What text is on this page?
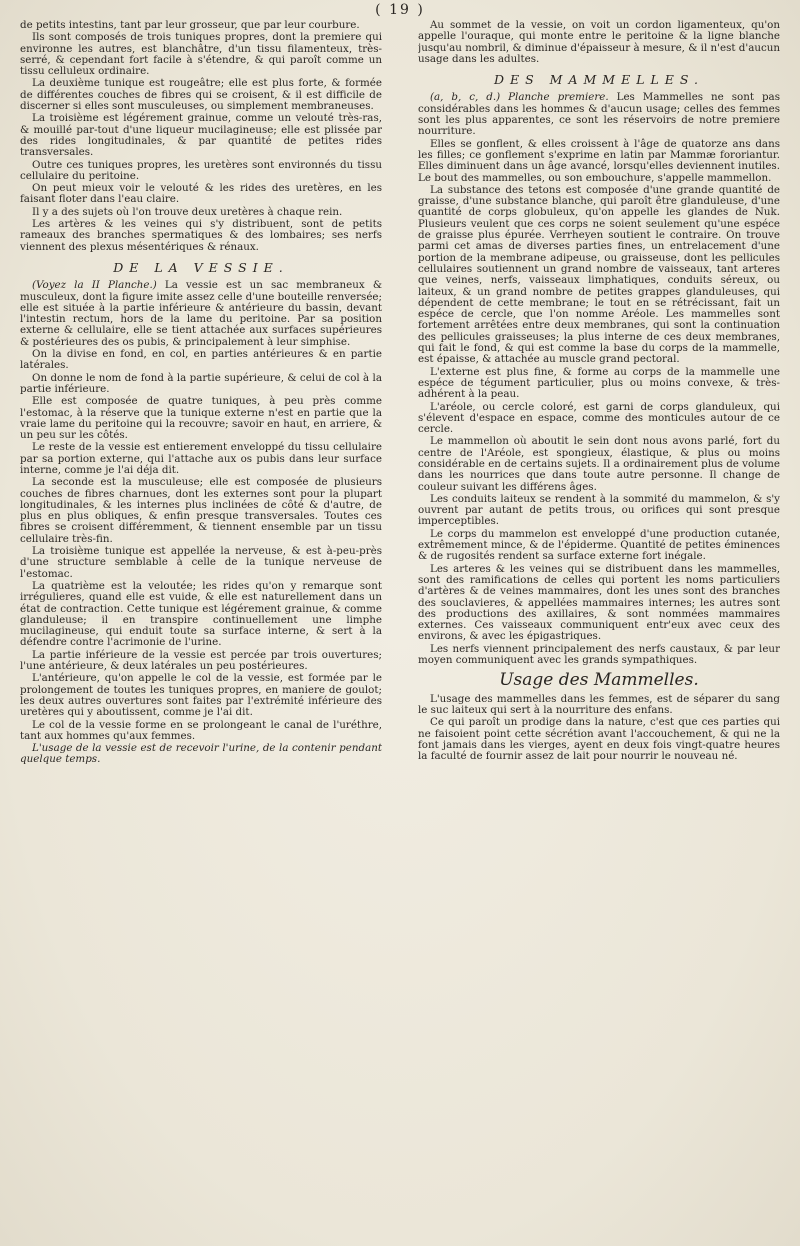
( 19 )

de petits intestins, tant par leur grosseur, que par leur courbure.

Ils sont composés de trois tuniques propres, dont la premiere qui environne les autres, est blanchâtre, d'un tissu filamenteux, très-serré, & cependant fort facile à s'étendre, & qui paroît comme un tissu celluleux ordinaire.

La deuxième tunique est rougeâtre; elle est plus forte, & formée de différentes couches de fibres qui se croisent, & il est difficile de discerner si elles sont musculeuses, ou simplement membraneuses.

La troisième est légérement grainue, comme un velouté très-ras, & mouillé par-tout d'une liqueur mucilagineuse; elle est plissée par des rides longitudinales, & par quantité de petites rides transversales.

Outre ces tuniques propres, les uretères sont environnés du tissu cellulaire du peritoine.

On peut mieux voir le velouté & les rides des uretères, en les faisant floter dans l'eau claire.

Il y a des sujets où l'on trouve deux uretères à chaque rein.

Les artères & les veines qui s'y distribuent, sont de petits rameaux des branches spermatiques & des lombaires; ses nerfs viennent des plexus mésentériques & rénaux.

DE LA VESSIE.

(Voyez la II Planche.) La vessie est un sac membraneux & musculeux, dont la figure imite assez celle d'une bouteille renversée; elle est située à la partie inférieure & antérieure du bassin, devant l'intestin rectum, hors de la lame du peritoine. Par sa position externe & cellulaire, elle se tient attachée aux surfaces supérieures & postérieures des os pubis, & principalement à leur simphise.

On la divise en fond, en col, en parties antérieures & en partie latérales.

On donne le nom de fond à la partie supérieure, & celui de col à la partie inférieure.

Elle est composée de quatre tuniques, à peu près comme l'estomac, à la réserve que la tunique externe n'est en partie que la vraie lame du peritoine qui la recouvre; savoir en haut, en arriere, & un peu sur les côtés.

Le reste de la vessie est entierement enveloppé du tissu cellulaire par sa portion externe, qui l'attache aux os pubis dans leur surface interne, comme je l'ai déja dit.

La seconde est la musculeuse; elle est composée de plusieurs couches de fibres charnues, dont les externes sont pour la plupart longitudinales, & les internes plus inclinées de côté & d'autre, de plus en plus obliques, & enfin presque transversales. Toutes ces fibres se croisent différemment, & tiennent ensemble par un tissu cellulaire très-fin.

La troisième tunique est appellée la nerveuse, & est à-peu-près d'une structure semblable à celle de la tunique nerveuse de l'estomac.

La quatrième est la veloutée; les rides qu'on y remarque sont irrégulieres, quand elle est vuide, & elle est naturellement dans un état de contraction. Cette tunique est légérement grainue, & comme glanduleuse; il en transpire continuellement une limphe mucilagineuse, qui enduit toute sa surface interne, & sert à la défendre contre l'acrimonie de l'urine.

La partie inférieure de la vessie est percée par trois ouvertures; l'une antérieure, & deux latérales un peu postérieures.

L'antérieure, qu'on appelle le col de la vessie, est formée par le prolongement de toutes les tuniques propres, en maniere de goulot; les deux autres ouvertures sont faites par l'extrémité inférieure des uretères qui y aboutissent, comme je l'ai dit.

Le col de la vessie forme en se prolongeant le canal de l'uréthre, tant aux hommes qu'aux femmes.

L'usage de la vessie est de recevoir l'urine, de la contenir pendant quelque temps.

Au sommet de la vessie, on voit un cordon ligamenteux, qu'on appelle l'ouraque, qui monte entre le peritoine & la ligne blanche jusqu'au nombril, & diminue d'épaisseur à mesure, & il n'est d'aucun usage dans les adultes.

DES MAMMELLES.

(a, b, c, d.) Planche premiere. Les Mammelles ne sont pas considérables dans les hommes & d'aucun usage; celles des femmes sont les plus apparentes, ce sont les réservoirs de notre premiere nourriture.

Elles se gonflent, & elles croissent à l'âge de quatorze ans dans les filles; ce gonflement s'exprime en latin par Mammæ fororiantur. Elles diminuent dans un âge avancé, lorsqu'elles deviennent inutiles. Le bout des mammelles, ou son embouchure, s'appelle mammellon.

La substance des tetons est composée d'une grande quantité de graisse, d'une substance blanche, qui paroît être glanduleuse, d'une quantité de corps globuleux, qu'on appelle les glandes de Nuk. Plusieurs veulent que ces corps ne soient seulement qu'une espéce de graisse plus épurée. Verrheyen soutient le contraire. On trouve parmi cet amas de diverses parties fines, un entrelacement d'une portion de la membrane adipeuse, ou graisseuse, dont les pellicules cellulaires soutiennent un grand nombre de vaisseaux, tant arteres que veines, nerfs, vaisseaux limphatiques, conduits séreux, ou laiteux, & un grand nombre de petites grappes glanduleuses, qui dépendent de cette membrane; le tout en se rétrécissant, fait un espéce de cercle, que l'on nomme Aréole. Les mammelles sont fortement arrêtées entre deux membranes, qui sont la continuation des pellicules graisseuses; la plus interne de ces deux membranes, qui fait le fond, & qui est comme la base du corps de la mammelle, est épaisse, & attachée au muscle grand pectoral.

L'externe est plus fine, & forme au corps de la mammelle une espéce de tégument particulier, plus ou moins convexe, & très-adhérent à la peau.

L'aréole, ou cercle coloré, est garni de corps glanduleux, qui s'élevent d'espace en espace, comme des monticules autour de ce cercle.

Le mammellon où aboutit le sein dont nous avons parlé, fort du centre de l'Aréole, est spongieux, élastique, & plus ou moins considérable en de certains sujets. Il a ordinairement plus de volume dans les nourrices que dans toute autre personne. Il change de couleur suivant les différens âges.

Les conduits laiteux se rendent à la sommité du mammelon, & s'y ouvrent par autant de petits trous, ou orifices qui sont presque imperceptibles.

Le corps du mammelon est enveloppé d'une production cutanée, extrêmement mince, & de l'épiderme. Quantité de petites éminences & de rugosités rendent sa surface externe fort inégale.

Les arteres & les veines qui se distribuent dans les mammelles, sont des ramifications de celles qui portent les noms particuliers d'artères & de veines mammaires, dont les unes sont des branches des souclavieres, & appellées mammaires internes; les autres sont des productions des axillaires, & sont nommées mammaires externes. Ces vaisseaux communiquent entr'eux avec ceux des environs, & avec les épigastriques.

Les nerfs viennent principalement des nerfs caustaux, & par leur moyen communiquent avec les grands sympathiques.

Usage des Mammelles.

L'usage des mammelles dans les femmes, est de séparer du sang le suc laiteux qui sert à la nourriture des enfans.

Ce qui paroît un prodige dans la nature, c'est que ces parties qui ne faisoient point cette sécrétion avant l'accouchement, & qui ne la font jamais dans les vierges, ayent en deux fois vingt-quatre heures la faculté de fournir assez de lait pour nourrir le nouveau né.
